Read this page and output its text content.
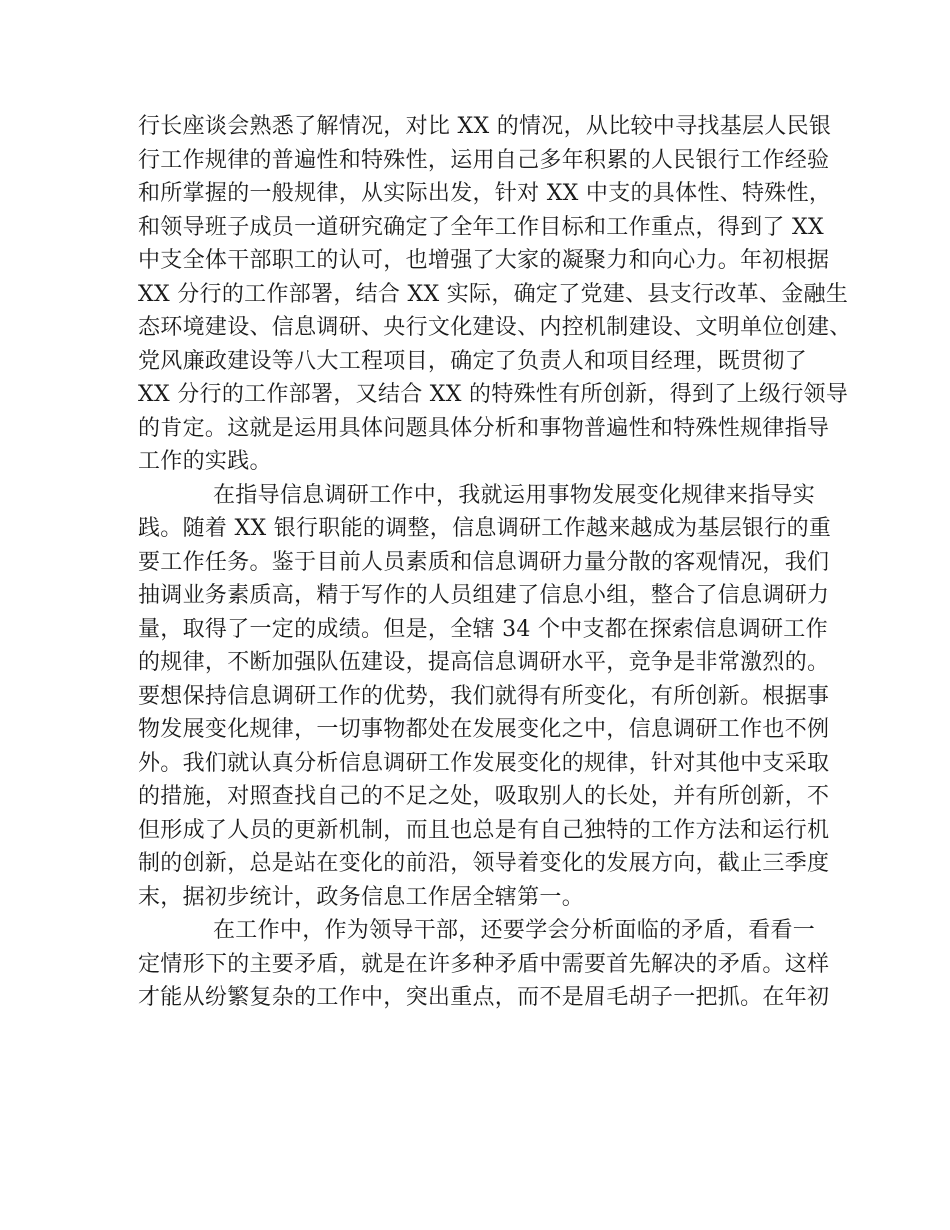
行长座谈会熟悉了解情况，对比 XX 的情况，从比较中寻找基层人民银
行工作规律的普遍性和特殊性，运用自己多年积累的人民银行工作经验
和所掌握的一般规律，从实际出发，针对 XX 中支的具体性、特殊性，
和领导班子成员一道研究确定了全年工作目标和工作重点，得到了 XX
中支全体干部职工的认可，也增强了大家的凝聚力和向心力。年初根据
XX 分行的工作部署，结合 XX 实际，确定了党建、县支行改革、金融生
态环境建设、信息调研、央行文化建设、内控机制建设、文明单位创建、
党风廉政建设等八大工程项目，确定了负责人和项目经理，既贯彻了
XX 分行的工作部署，又结合 XX 的特殊性有所创新，得到了上级行领导
的肯定。这就是运用具体问题具体分析和事物普遍性和特殊性规律指导
工作的实践。
在指导信息调研工作中，我就运用事物发展变化规律来指导实
践。随着 XX 银行职能的调整，信息调研工作越来越成为基层银行的重
要工作任务。鉴于目前人员素质和信息调研力量分散的客观情况，我们
抽调业务素质高，精于写作的人员组建了信息小组，整合了信息调研力
量，取得了一定的成绩。但是，全辖 34 个中支都在探索信息调研工作
的规律，不断加强队伍建设，提高信息调研水平，竞争是非常激烈的。
要想保持信息调研工作的优势，我们就得有所变化，有所创新。根据事
物发展变化规律，一切事物都处在发展变化之中，信息调研工作也不例
外。我们就认真分析信息调研工作发展变化的规律，针对其他中支采取
的措施，对照查找自己的不足之处，吸取别人的长处，并有所创新，不
但形成了人员的更新机制，而且也总是有自己独特的工作方法和运行机
制的创新，总是站在变化的前沿，领导着变化的发展方向，截止三季度
末，据初步统计，政务信息工作居全辖第一。
在工作中，作为领导干部，还要学会分析面临的矛盾，看看一
定情形下的主要矛盾，就是在许多种矛盾中需要首先解决的矛盾。这样
才能从纷繁复杂的工作中，突出重点，而不是眉毛胡子一把抓。在年初
